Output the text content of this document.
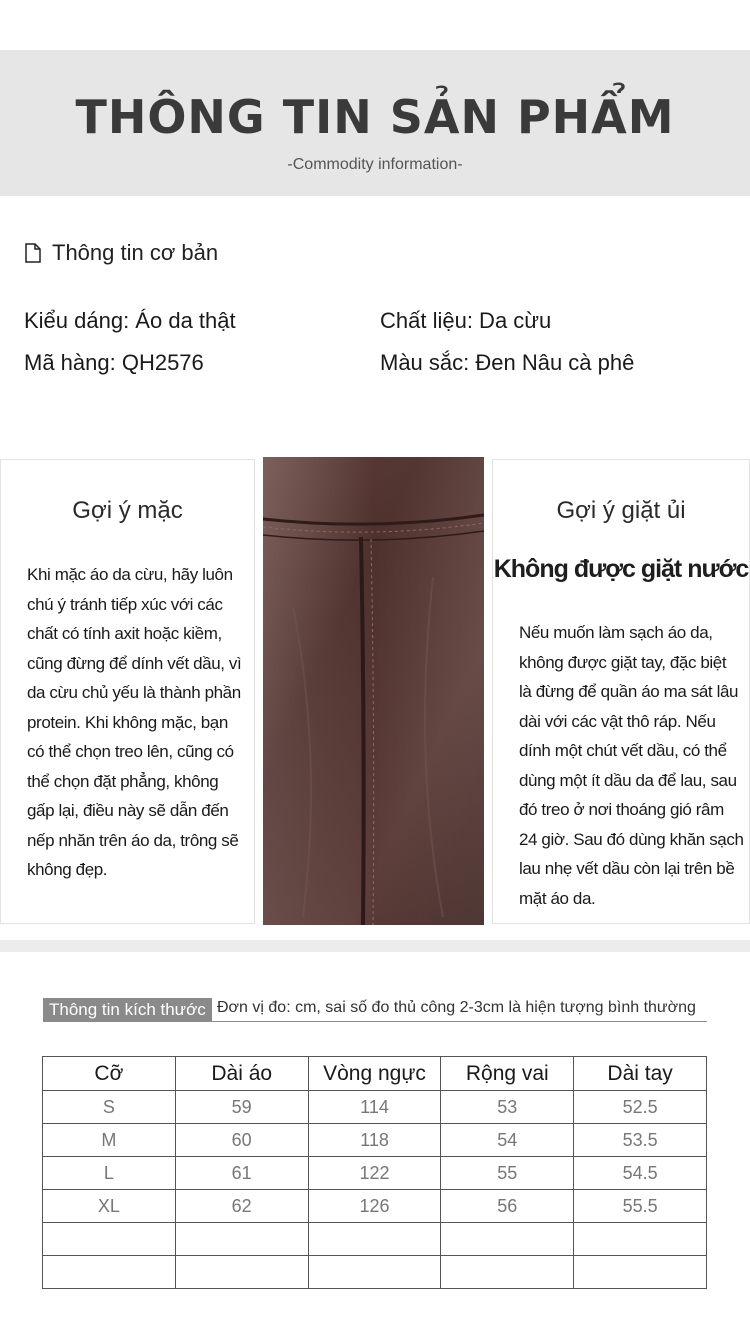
THÔNG TIN SẢN PHẨM
-Commodity information-
Thông tin cơ bản
Kiểu dáng: Áo da thật	Chất liệu: Da cừu
Mã hàng: QH2576	Màu sắc: Đen Nâu cà phê
Gợi ý mặc
Khi mặc áo da cừu, hãy luôn
chú ý tránh tiếp xúc với các
chất có tính axit hoặc kiềm,
cũng đừng để dính vết dầu, vì
da cừu chủ yếu là thành phần
protein. Khi không mặc, bạn
có thể chọn treo lên, cũng có
thể chọn đặt phẳng, không
gấp lại, điều này sẽ dẫn đến
nếp nhăn trên áo da, trông sẽ
không đẹp.
Gợi ý giặt ủi
Không được giặt nước
Nếu muốn làm sạch áo da,
không được giặt tay, đặc biệt
là đừng để quần áo ma sát lâu
dài với các vật thô ráp. Nếu
dính một chút vết dầu, có thể
dùng một ít dầu da để lau, sau
đó treo ở nơi thoáng gió râm
24 giờ. Sau đó dùng khăn sạch
lau nhẹ vết dầu còn lại trên bề
mặt áo da.
Thông tin kích thước Đơn vị đo: cm, sai số đo thủ công 2-3cm là hiện tượng bình thường
Cỡ	Dài áo	Vòng ngực	Rộng vai	Dài tay
S	59	114	53	52.5
M	60	118	54	53.5
L	61	122	55	54.5
XL	62	126	56	55.5
